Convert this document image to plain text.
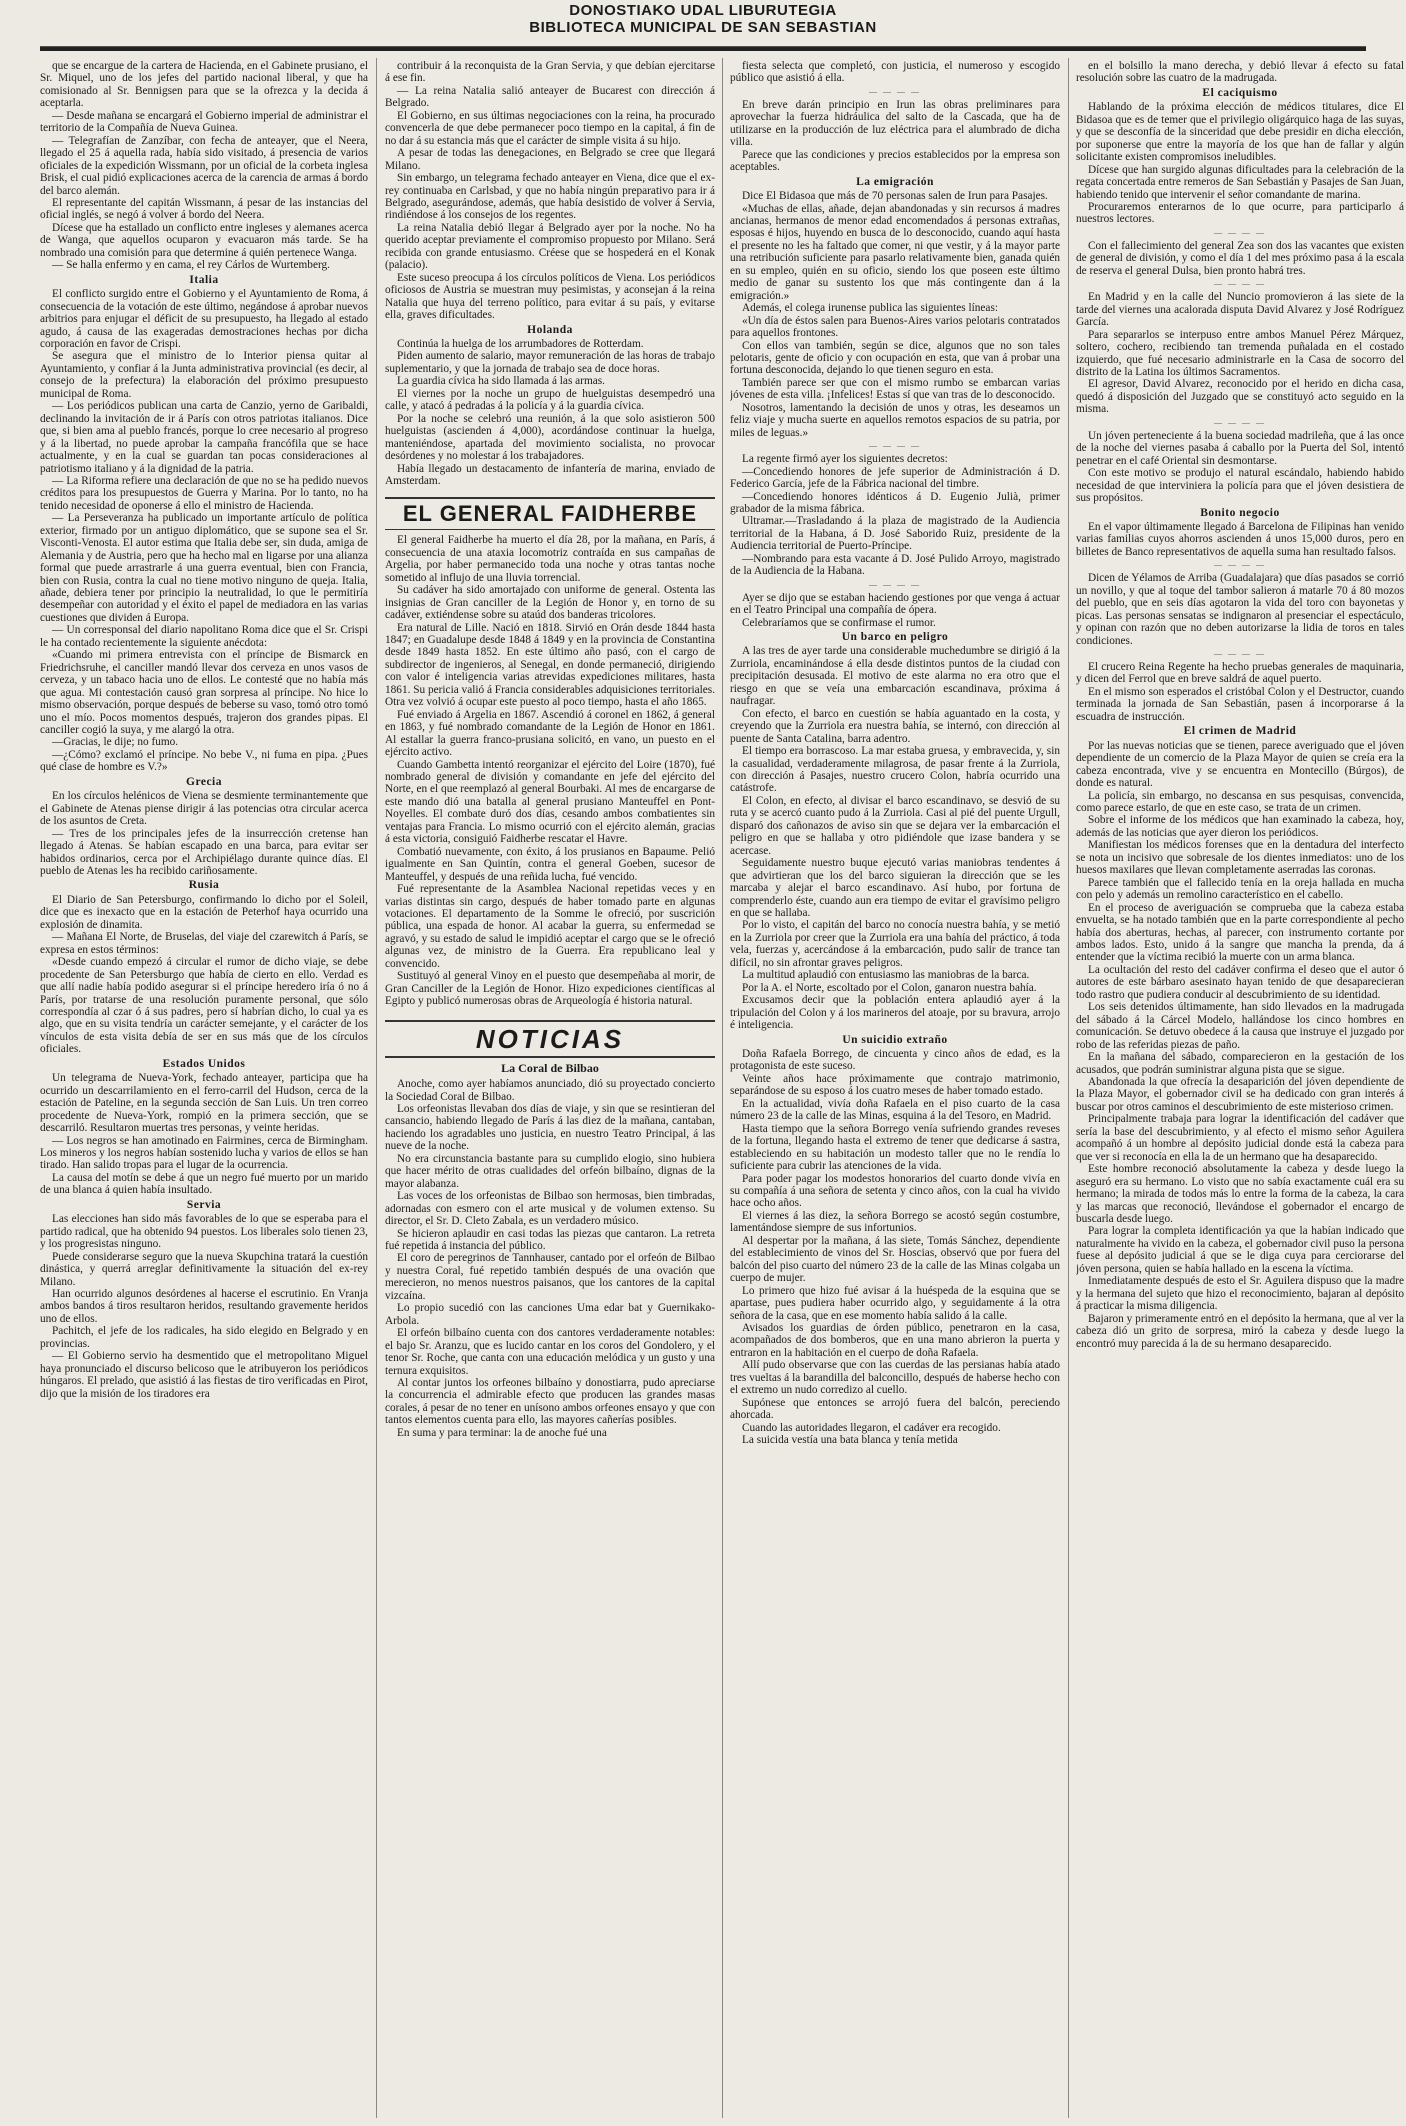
DONOSTIAKO UDAL LIBURUTEGIA
BIBLIOTECA MUNICIPAL DE SAN SEBASTIAN

que se encargue de la cartera de Hacienda, en el Gabinete prusiano, el Sr. Miquel, uno de los jefes del partido nacional liberal, y que ha comisionado al Sr. Bennigsen para que se la ofrezca y la decida á aceptarla.

— Desde mañana se encargará el Gobierno imperial de administrar el territorio de la Compañía de Nueva Guinea.

— Telegrafían de Zanzíbar, con fecha de anteayer, que el Neera, llegado el 25 á aquella rada, había sido visitado, á presencia de varios oficiales de la expedición Wissmann, por un oficial de la corbeta inglesa Brisk, el cual pidió explicaciones acerca de la carencia de armas á bordo del barco alemán.

El representante del capitán Wissmann, á pesar de las instancias del oficial inglés, se negó á volver á bordo del Neera.

Dícese que ha estallado un conflicto entre ingleses y alemanes acerca de Wanga, que aquellos ocuparon y evacuaron más tarde. Se ha nombrado una comisión para que determine á quién pertenece Wanga.

— Se halla enfermo y en cama, el rey Cárlos de Wurtemberg.

Italia

El conflicto surgido entre el Gobierno y el Ayuntamiento de Roma, á consecuencia de la votación de este último, negándose á aprobar nuevos arbitrios para enjugar el déficit de su presupuesto, ha llegado al estado agudo, á causa de las exageradas demostraciones hechas por dicha corporación en favor de Crispi.

Se asegura que el ministro de lo Interior piensa quitar al Ayuntamiento, y confiar á la Junta administrativa provincial (es decir, al consejo de la prefectura) la elaboración del próximo presupuesto municipal de Roma.

— Los periódicos publican una carta de Canzio, yerno de Garibaldi, declinando la invitación de ir á París con otros patriotas italianos. Dice que, si bien ama al pueblo francés, porque lo cree necesario al progreso y á la libertad, no puede aprobar la campaña francófila que se hace actualmente, y en la cual se guardan tan pocas consideraciones al patriotismo italiano y á la dignidad de la patria.

— La Riforma refiere una declaración de que no se ha pedido nuevos créditos para los presupuestos de Guerra y Marina. Por lo tanto, no ha tenido necesidad de oponerse á ello el ministro de Hacienda.

— La Perseveranza ha publicado un importante artículo de política exterior, firmado por un antiguo diplomático, que se supone sea el Sr. Visconti-Venosta. El autor estima que Italia debe ser, sin duda, amiga de Alemania y de Austria, pero que ha hecho mal en ligarse por una alianza formal que puede arrastrarle á una guerra eventual, bien con Francia, bien con Rusia, contra la cual no tiene motivo ninguno de queja. Italia, añade, debiera tener por principio la neutralidad, lo que le permitiría desempeñar con autoridad y el éxito el papel de mediadora en las varias cuestiones que dividen á Europa.

— Un corresponsal del diario napolitano Roma dice que el Sr. Crispi le ha contado recientemente la siguiente anécdota:

«Cuando mi primera entrevista con el príncipe de Bismarck en Friedrichsruhe, el canciller mandó llevar dos cerveza en unos vasos de cerveza, y un tabaco hacia uno de ellos. Le contesté que no había más que agua. Mi contestación causó gran sorpresa al príncipe. No hice lo mismo observación, porque después de beberse su vaso, tomó otro tomó uno el mío. Pocos momentos después, trajeron dos grandes pipas. El canciller cogió la suya, y me alargó la otra.

—Gracias, le dije; no fumo.

—¿Cómo? exclamó el príncipe. No bebe V., ni fuma en pipa. ¿Pues qué clase de hombre es V.?»

Grecia

En los círculos helénicos de Viena se desmiente terminantemente que el Gabinete de Atenas piense dirigir á las potencias otra circular acerca de los asuntos de Creta.

— Tres de los principales jefes de la insurrección cretense han llegado á Atenas. Se habían escapado en una barca, para evitar ser habidos ordinarios, cerca por el Archipiélago durante quince días. El pueblo de Atenas les ha recibido cariñosamente.

Rusia

El Diario de San Petersburgo, confirmando lo dicho por el Soleil, dice que es inexacto que en la estación de Peterhof haya ocurrido una explosión de dinamita.

— Mañana El Norte, de Bruselas, del viaje del czarewitch á París, se expresa en estos términos:

«Desde cuando empezó á circular el rumor de dicho viaje, se debe procedente de San Petersburgo que había de cierto en ello. Verdad es que allí nadie había podido asegurar si el príncipe heredero iría ó no á París, por tratarse de una resolución puramente personal, que sólo correspondía al czar ó á sus padres, pero sí habrían dicho, lo cual ya es algo, que en su visita tendría un carácter semejante, y el carácter de los vínculos de esta visita debía de ser en sus más que de los círculos oficiales.

Estados Unidos

Un telegrama de Nueva-York, fechado anteayer, participa que ha ocurrido un descarrilamiento en el ferro-carril del Hudson, cerca de la estación de Pateline, en la segunda sección de San Luis. Un tren correo procedente de Nueva-York, rompió en la primera sección, que se descarriló. Resultaron muertas tres personas, y veinte heridas.

— Los negros se han amotinado en Fairmines, cerca de Birmingham. Los mineros y los negros habían sostenido lucha y varios de ellos se han tirado. Han salido tropas para el lugar de la ocurrencia.

La causa del motín se debe á que un negro fué muerto por un marido de una blanca á quien había insultado.

Servia

Las elecciones han sido más favorables de lo que se esperaba para el partido radical, que ha obtenido 94 puestos. Los liberales solo tienen 23, y los progresistas ninguno.

Puede considerarse seguro que la nueva Skupchina tratará la cuestión dinástica, y querrá arreglar definitivamente la situación del ex-rey Milano.

Han ocurrido algunos desórdenes al hacerse el escrutinio. En Vranja ambos bandos á tiros resultaron heridos, resultando gravemente heridos uno de ellos.

Pachitch, el jefe de los radicales, ha sido elegido en Belgrado y en provincias.

— El Gobierno servio ha desmentido que el metropolitano Miguel haya pronunciado el discurso belicoso que le atribuyeron los periódicos húngaros. El prelado, que asistió á las fiestas de tiro verificadas en Pirot, dijo que la misión de los tiradores era

contribuir á la reconquista de la Gran Servia, y que debían ejercitarse á ese fin.

— La reina Natalia salió anteayer de Bucarest con dirección á Belgrado.

El Gobierno, en sus últimas negociaciones con la reina, ha procurado convencerla de que debe permanecer poco tiempo en la capital, á fin de no dar á su estancia más que el carácter de simple visita á su hijo.

A pesar de todas las denegaciones, en Belgrado se cree que llegará Milano.

Sin embargo, un telegrama fechado anteayer en Viena, dice que el ex-rey continuaba en Carlsbad, y que no había ningún preparativo para ir á Belgrado, asegurándose, además, que había desistido de volver á Servia, rindiéndose á los consejos de los regentes.

La reina Natalia debió llegar á Belgrado ayer por la noche. No ha querido aceptar previamente el compromiso propuesto por Milano. Será recibida con grande entusiasmo. Créese que se hospederá en el Konak (palacio).

Este suceso preocupa á los círculos políticos de Viena. Los periódicos oficiosos de Austria se muestran muy pesimistas, y aconsejan á la reina Natalia que huya del terreno político, para evitar á su país, y evitarse ella, graves dificultades.

Holanda

Continúa la huelga de los arrumbadores de Rotterdam.

Piden aumento de salario, mayor remuneración de las horas de trabajo suplementario, y que la jornada de trabajo sea de doce horas.

La guardia cívica ha sido llamada á las armas.

El viernes por la noche un grupo de huelguistas desempedró una calle, y atacó á pedradas á la policía y á la guardia cívica.

Por la noche se celebró una reunión, á la que solo asistieron 500 huelguistas (ascienden á 4,000), acordándose continuar la huelga, manteniéndose, apartada del movimiento socialista, no provocar desórdenes y no molestar á los trabajadores.

Había llegado un destacamento de infantería de marina, enviado de Amsterdam.

EL GENERAL FAIDHERBE

El general Faidherbe ha muerto el día 28, por la mañana, en París, á consecuencia de una ataxia locomotriz contraída en sus campañas de Argelia, por haber permanecido toda una noche y otras tantas noche sometido al influjo de una lluvia torrencial.

Su cadáver ha sido amortajado con uniforme de general. Ostenta las insignias de Gran canciller de la Legión de Honor y, en torno de su cadáver, extiéndense sobre su ataúd dos banderas tricolores.

Era natural de Lille. Nació en 1818. Sirvió en Orán desde 1844 hasta 1847; en Guadalupe desde 1848 á 1849 y en la provincia de Constantina desde 1849 hasta 1852. En este último año pasó, con el cargo de subdirector de ingenieros, al Senegal, en donde permaneció, dirigiendo con valor é inteligencia varias atrevidas expediciones militares, hasta 1861. Su pericia valió á Francia considerables adquisiciones territoriales. Otra vez volvió á ocupar este puesto al poco tiempo, hasta el año 1865.

Fué enviado á Argelia en 1867. Ascendió á coronel en 1862, á general en 1863, y fué nombrado comandante de la Legión de Honor en 1861. Al estallar la guerra franco-prusiana solicitó, en vano, un puesto en el ejército activo.

Cuando Gambetta intentó reorganizar el ejército del Loire (1870), fué nombrado general de división y comandante en jefe del ejército del Norte, en el que reemplazó al general Bourbaki. Al mes de encargarse de este mando dió una batalla al general prusiano Manteuffel en Pont-Noyelles. El combate duró dos días, cesando ambos combatientes sin ventajas para Francia. Lo mismo ocurrió con el ejército alemán, gracias á esta victoria, consiguió Faidherbe rescatar el Havre.

Combatió nuevamente, con éxito, á los prusianos en Bapaume. Pelió igualmente en San Quintín, contra el general Goeben, sucesor de Manteuffel, y después de una reñida lucha, fué vencido.

Fué representante de la Asamblea Nacional repetidas veces y en varias distintas sin cargo, después de haber tomado parte en algunas votaciones. El departamento de la Somme le ofreció, por suscrición pública, una espada de honor. Al acabar la guerra, su enfermedad se agravó, y su estado de salud le impidió aceptar el cargo que se le ofreció algunas vez, de ministro de la Guerra. Era republicano leal y convencido.

Sustituyó al general Vinoy en el puesto que desempeñaba al morir, de Gran Canciller de la Legión de Honor. Hizo expediciones científicas al Egipto y publicó numerosas obras de Arqueología é historia natural.

NOTICIAS
La Coral de Bilbao

Anoche, como ayer habíamos anunciado, dió su proyectado concierto la Sociedad Coral de Bilbao.

Los orfeonistas llevaban dos días de viaje, y sin que se resintieran del cansancio, habiendo llegado de París á las diez de la mañana, cantaban, haciendo los agradables uno justicia, en nuestro Teatro Principal, á las nueve de la noche.

No era circunstancia bastante para su cumplido elogio, sino hubiera que hacer mérito de otras cualidades del orfeón bilbaíno, dignas de la mayor alabanza.

Las voces de los orfeonistas de Bilbao son hermosas, bien timbradas, adornadas con esmero con el arte musical y de volumen extenso. Su director, el Sr. D. Cleto Zabala, es un verdadero músico.

Se hicieron aplaudir en casi todas las piezas que cantaron. La retreta fué repetida á instancia del público.

El coro de peregrinos de Tannhauser, cantado por el orfeón de Bilbao y nuestra Coral, fué repetido también después de una ovación que merecieron, no menos nuestros paisanos, que los cantores de la capital vizcaína.

Lo propio sucedió con las canciones Uma edar bat y Guernikako-Arbola.

El orfeón bilbaíno cuenta con dos cantores verdaderamente notables: el bajo Sr. Aranzu, que es lucido cantar en los coros del Gondolero, y el tenor Sr. Roche, que canta con una educación melódica y un gusto y una ternura exquisitos.

Al contar juntos los orfeones bilbaíno y donostiarra, pudo apreciarse la concurrencia el admirable efecto que producen las grandes masas corales, á pesar de no tener en unísono ambos orfeones ensayo y que con tantos elementos cuenta para ello, las mayores cañerías posibles.

En suma y para terminar: la de anoche fué una

fiesta selecta que completó, con justicia, el numeroso y escogido público que asistió á ella.

— — — —

En breve darán principio en Irun las obras preliminares para aprovechar la fuerza hidráulica del salto de la Cascada, que ha de utilizarse en la producción de luz eléctrica para el alumbrado de dicha villa.

Parece que las condiciones y precios establecidos por la empresa son aceptables.

La emigración

Dice El Bidasoa que más de 70 personas salen de Irun para Pasajes.

«Muchas de ellas, añade, dejan abandonadas y sin recursos á madres ancianas, hermanos de menor edad encomendados á personas extrañas, esposas é hijos, huyendo en busca de lo desconocido, cuando aquí hasta el presente no les ha faltado que comer, ni que vestir, y á la mayor parte una retribución suficiente para pasarlo relativamente bien, ganada quién en su empleo, quién en su oficio, siendo los que poseen este último medio de ganar su sustento los que más contingente dan á la emigración.»

Además, el colega irunense publica las siguientes líneas:

«Un día de éstos salen para Buenos-Aires varios pelotaris contratados para aquellos frontones.

Con ellos van también, según se dice, algunos que no son tales pelotaris, gente de oficio y con ocupación en esta, que van á probar una fortuna desconocida, dejando lo que tienen seguro en esta.

También parece ser que con el mismo rumbo se embarcan varias jóvenes de esta villa. ¡Infelices! Estas sí que van tras de lo desconocido.

Nosotros, lamentando la decisión de unos y otras, les deseamos un feliz viaje y mucha suerte en aquellos remotos espacios de su patria, por miles de leguas.»

— — — —

La regente firmó ayer los siguientes decretos:

—Concediendo honores de jefe superior de Administración á D. Federico García, jefe de la Fábrica nacional del timbre.

—Concediendo honores idénticos á D. Eugenio Julià, primer grabador de la misma fábrica.

Ultramar.—Trasladando á la plaza de magistrado de la Audiencia territorial de la Habana, á D. José Saborido Ruiz, presidente de la Audiencia territorial de Puerto-Príncipe.

—Nombrando para esta vacante á D. José Pulido Arroyo, magistrado de la Audiencia de la Habana.

— — — —

Ayer se dijo que se estaban haciendo gestiones por que venga á actuar en el Teatro Principal una compañía de ópera.

Celebraríamos que se confirmase el rumor.

Un barco en peligro

A las tres de ayer tarde una considerable muchedumbre se dirigió á la Zurriola, encaminándose á ella desde distintos puntos de la ciudad con precipitación desusada. El motivo de este alarma no era otro que el riesgo en que se veía una embarcación escandinava, próxima á naufragar.

Con efecto, el barco en cuestión se había aguantado en la costa, y creyendo que la Zurriola era nuestra bahía, se internó, con dirección al puente de Santa Catalina, barra adentro.

El tiempo era borrascoso. La mar estaba gruesa, y embravecida, y, sin la casualidad, verdaderamente milagrosa, de pasar frente á la Zurriola, con dirección á Pasajes, nuestro crucero Colon, habría ocurrido una catástrofe.

El Colon, en efecto, al divisar el barco escandinavo, se desvió de su ruta y se acercó cuanto pudo á la Zurriola. Casi al pié del puente Urgull, disparó dos cañonazos de aviso sin que se dejara ver la embarcación el peligro en que se hallaba y otro pidiéndole que izase bandera y se acercase.

Seguidamente nuestro buque ejecutó varias maniobras tendentes á que advirtieran que los del barco siguieran la dirección que se les marcaba y alejar el barco escandinavo. Así hubo, por fortuna de comprenderlo éste, cuando aun era tiempo de evitar el gravísimo peligro en que se hallaba.

Por lo visto, el capitán del barco no conocía nuestra bahía, y se metió en la Zurriola por creer que la Zurriola era una bahía del práctico, á toda vela, fuerzas y, acercándose á la embarcación, pudo salir de trance tan difícil, no sin afrontar graves peligros.

La multitud aplaudió con entusiasmo las maniobras de la barca.

Por la A. el Norte, escoltado por el Colon, ganaron nuestra bahía.

Excusamos decir que la población entera aplaudió ayer á la tripulación del Colon y á los marineros del atoaje, por su bravura, arrojo é inteligencia.

Un suicidio extraño

Doña Rafaela Borrego, de cincuenta y cinco años de edad, es la protagonista de este suceso.

Veinte años hace próximamente que contrajo matrimonio, separándose de su esposo á los cuatro meses de haber tomado estado.

En la actualidad, vivía doña Rafaela en el piso cuarto de la casa número 23 de la calle de las Minas, esquina á la del Tesoro, en Madrid.

Hasta tiempo que la señora Borrego venía sufriendo grandes reveses de la fortuna, llegando hasta el extremo de tener que dedicarse á sastra, estableciendo en su habitación un modesto taller que no le rendía lo suficiente para cubrir las atenciones de la vida.

Para poder pagar los modestos honorarios del cuarto donde vivía en su compañía á una señora de setenta y cinco años, con la cual ha vivido hace ocho años.

El viernes á las diez, la señora Borrego se acostó según costumbre, lamentándose siempre de sus infortunios.

Al despertar por la mañana, á las siete, Tomás Sánchez, dependiente del establecimiento de vinos del Sr. Hoscias, observó que por fuera del balcón del piso cuarto del número 23 de la calle de las Minas colgaba un cuerpo de mujer.

Lo primero que hizo fué avisar á la huéspeda de la esquina que se apartase, pues pudiera haber ocurrido algo, y seguidamente á la otra señora de la casa, que en ese momento había salido á la calle.

Avisados los guardias de órden público, penetraron en la casa, acompañados de dos bomberos, que en una mano abrieron la puerta y entraron en la habitación en el cuerpo de doña Rafaela.

Allí pudo observarse que con las cuerdas de las persianas había atado tres vueltas á la barandilla del balconcillo, después de haberse hecho con el extremo un nudo corredizo al cuello.

Supónese que entonces se arrojó fuera del balcón, pereciendo ahorcada.

Cuando las autoridades llegaron, el cadáver era recogido.

La suicida vestía una bata blanca y tenía metida

en el bolsillo la mano derecha, y debió llevar á efecto su fatal resolución sobre las cuatro de la madrugada.

El caciquismo

Hablando de la próxima elección de médicos titulares, dice El Bidasoa que es de temer que el privilegio oligárquico haga de las suyas, y que se desconfía de la sinceridad que debe presidir en dicha elección, por suponerse que entre la mayoría de los que han de fallar y algún solicitante existen compromisos ineludibles.

Dícese que han surgido algunas dificultades para la celebración de la regata concertada entre remeros de San Sebastián y Pasajes de San Juan, habiendo tenido que intervenir el señor comandante de marina.

Procuraremos enterarnos de lo que ocurre, para participarlo á nuestros lectores.

— — — —

Con el fallecimiento del general Zea son dos las vacantes que existen de general de división, y como el día 1 del mes próximo pasa á la escala de reserva el general Dulsa, bien pronto habrá tres.

— — — —

En Madrid y en la calle del Nuncio promovieron á las siete de la tarde del viernes una acalorada disputa David Alvarez y José Rodríguez García.

Para separarlos se interpuso entre ambos Manuel Pérez Márquez, soltero, cochero, recibiendo tan tremenda puñalada en el costado izquierdo, que fué necesario administrarle en la Casa de socorro del distrito de la Latina los últimos Sacramentos.

El agresor, David Alvarez, reconocido por el herido en dicha casa, quedó á disposición del Juzgado que se constituyó acto seguido en la misma.

— — — —

Un jóven perteneciente á la buena sociedad madrileña, que á las once de la noche del viernes pasaba á caballo por la Puerta del Sol, intentó penetrar en el café Oriental sin desmontarse.

Con este motivo se produjo el natural escándalo, habiendo habido necesidad de que interviniera la policía para que el jóven desistiera de sus propósitos.

Bonito negocio

En el vapor últimamente llegado á Barcelona de Filipinas han venido varias familias cuyos ahorros ascienden á unos 15,000 duros, pero en billetes de Banco representativos de aquella suma han resultado falsos.

— — — —

Dicen de Yélamos de Arriba (Guadalajara) que días pasados se corrió un novillo, y que al toque del tambor salieron á matarle 70 á 80 mozos del pueblo, que en seis días agotaron la vida del toro con bayonetas y picas. Las personas sensatas se indignaron al presenciar el espectáculo, y opinan con razón que no deben autorizarse la lidia de toros en tales condiciones.

— — — —

El crucero Reina Regente ha hecho pruebas generales de maquinaria, y dicen del Ferrol que en breve saldrá de aquel puerto.

En el mismo son esperados el cristóbal Colon y el Destructor, cuando terminada la jornada de San Sebastián, pasen á incorporarse á la escuadra de instrucción.

El crimen de Madrid

Por las nuevas noticias que se tienen, parece averiguado que el jóven dependiente de un comercio de la Plaza Mayor de quien se creía era la cabeza encontrada, vive y se encuentra en Montecillo (Búrgos), de donde es natural.

La policía, sin embargo, no descansa en sus pesquisas, convencida, como parece estarlo, de que en este caso, se trata de un crimen.

Sobre el informe de los médicos que han examinado la cabeza, hoy, además de las noticias que ayer dieron los periódicos.

Manifiestan los médicos forenses que en la dentadura del interfecto se nota un incisivo que sobresale de los dientes inmediatos: uno de los huesos maxilares que llevan completamente aserradas las coronas.

Parece también que el fallecido tenía en la oreja hallada en mucha con pelo y además un remolino característico en el cabello.

En el proceso de averiguación se comprueba que la cabeza estaba envuelta, se ha notado también que en la parte correspondiente al pecho había dos aberturas, hechas, al parecer, con instrumento cortante por ambos lados. Esto, unido á la sangre que mancha la prenda, da á entender que la víctima recibió la muerte con un arma blanca.

La ocultación del resto del cadáver confirma el deseo que el autor ó autores de este bárbaro asesinato hayan tenido de que desaparecieran todo rastro que pudiera conducir al descubrimiento de su identidad.

Los seis detenidos últimamente, han sido llevados en la madrugada del sábado á la Cárcel Modelo, hallándose los cinco hombres en comunicación. Se detuvo obedece á la causa que instruye el juzgado por robo de las referidas piezas de paño.

En la mañana del sábado, comparecieron en la gestación de los acusados, que podrán suministrar alguna pista que se sigue.

Abandonada la que ofrecía la desaparición del jóven dependiente de la Plaza Mayor, el gobernador civil se ha dedicado con gran interés á buscar por otros caminos el descubrimiento de este misterioso crimen.

Principalmente trabaja para lograr la identificación del cadáver que sería la base del descubrimiento, y al efecto el mismo señor Aguilera acompañó á un hombre al depósito judicial donde está la cabeza para que ver si reconocía en ella la de un hermano que ha desaparecido.

Este hombre reconoció absolutamente la cabeza y desde luego la aseguró era su hermano. Lo visto que no sabía exactamente cuál era su hermano; la mirada de todos más lo entre la forma de la cabeza, la cara y las marcas que reconoció, llevándose el gobernador el encargo de buscarla desde luego.

Para lograr la completa identificación ya que la habían indicado que naturalmente ha vivido en la cabeza, el gobernador civil puso la persona fuese al depósito judicial á que se le diga cuya para cerciorarse del jóven persona, quien se había hallado en la escena la víctima.

Inmediatamente después de esto el Sr. Aguilera dispuso que la madre y la hermana del sujeto que hizo el reconocimiento, bajaran al depósito á practicar la misma diligencia.

Bajaron y primeramente entró en el depósito la hermana, que al ver la cabeza dió un grito de sorpresa, miró la cabeza y desde luego la encontró muy parecida á la de su hermano desaparecido.
